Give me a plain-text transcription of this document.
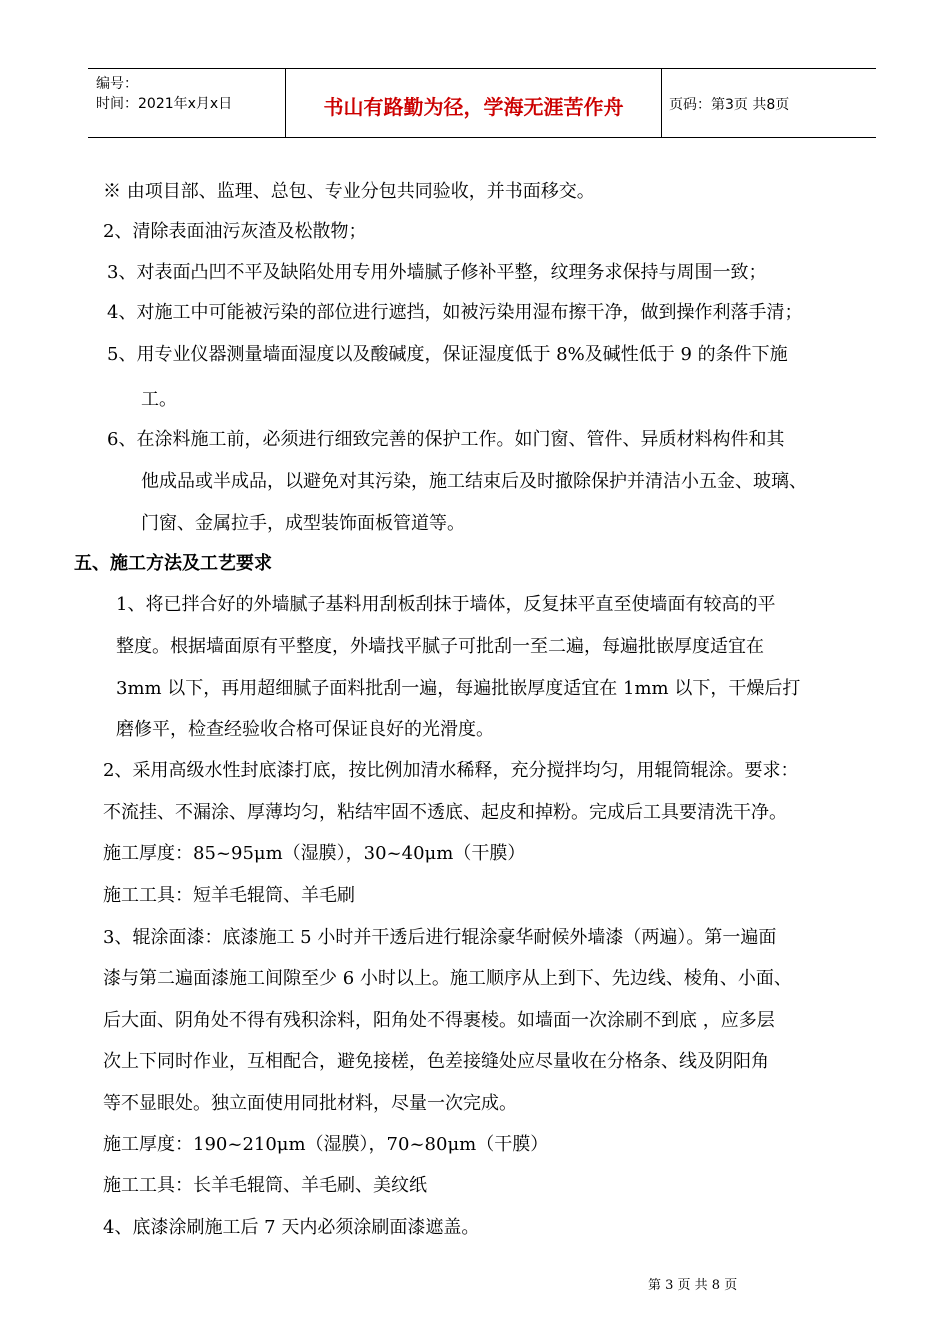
编号：
时间：2021年x月x日	书山有路勤为径，学海无涯苦作舟	页码：第3页 共8页
※ 由项目部、监理、总包、专业分包共同验收，并书面移交。
2、清除表面油污灰渣及松散物；
3、对表面凸凹不平及缺陷处用专用外墙腻子修补平整，纹理务求保持与周围一致；
4、对施工中可能被污染的部位进行遮挡，如被污染用湿布擦干净，做到操作利落手清；
5、用专业仪器测量墙面湿度以及酸碱度，保证湿度低于 8%及碱性低于 9 的条件下施
工。
6、在涂料施工前，必须进行细致完善的保护工作。如门窗、管件、异质材料构件和其
他成品或半成品，以避免对其污染，施工结束后及时撤除保护并清洁小五金、玻璃、
门窗、金属拉手，成型装饰面板管道等。
五、施工方法及工艺要求
1、将已拌合好的外墙腻子基料用刮板刮抹于墙体，反复抹平直至使墙面有较高的平
整度。根据墙面原有平整度，外墙找平腻子可批刮一至二遍，每遍批嵌厚度适宜在
3mm 以下，再用超细腻子面料批刮一遍，每遍批嵌厚度适宜在 1mm 以下，干燥后打
磨修平，检查经验收合格可保证良好的光滑度。
2、采用高级水性封底漆打底，按比例加清水稀释，充分搅拌均匀，用辊筒辊涂。要求：
不流挂、不漏涂、厚薄均匀，粘结牢固不透底、起皮和掉粉。完成后工具要清洗干净。
施工厚度：85~95μm（湿膜），30~40μm（干膜）
施工工具：短羊毛辊筒、羊毛刷
3、辊涂面漆：底漆施工 5 小时并干透后进行辊涂豪华耐候外墙漆（两遍）。第一遍面
漆与第二遍面漆施工间隙至少 6 小时以上。施工顺序从上到下、先边线、棱角、小面、
后大面、阴角处不得有残积涂料，阳角处不得裹棱。如墙面一次涂刷不到底 ，应多层
次上下同时作业，互相配合，避免接槎，色差接缝处应尽量收在分格条、线及阴阳角
等不显眼处。独立面使用同批材料，尽量一次完成。
施工厚度：190~210μm（湿膜），70~80μm（干膜）
施工工具：长羊毛辊筒、羊毛刷、美纹纸
4、底漆涂刷施工后 7 天内必须涂刷面漆遮盖。
第 3 页 共 8 页
